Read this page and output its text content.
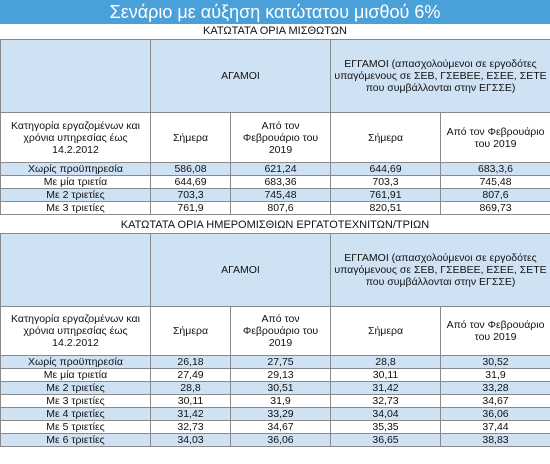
Σενάριο με αύξηση κατώτατου μισθού 6%
ΚΑΤΩΤΑΤΑ ΟΡΙΑ ΜΙΣΘΩΤΩΝ
	ΑΓΑΜΟΙ		ΕΓΓΑΜΟΙ (απασχολούμενοι σε εργοδότες υπαγόμενους σε ΣΕΒ, ΓΣΕΒΕΕ, ΕΣΕΕ, ΣΕΤΕ που συμβάλλονται στην ΕΓΣΣΕ)	
Κατηγορία εργαζομένων και χρόνια υπηρεσίας έως 14.2.2012	Σήμερα	Από τον Φεβρουάριο του 2019	Σήμερα	Από τον Φεβρουάριο του 2019
Χωρίς προϋπηρεσία	586,08	621,24	644,69	683,3,6
Με μία τριετία	644,69	683,36	703,3	745,48
Με 2 τριετίες	703,3	745,48	761,91	807,6
Με 3 τριετίες	761,9	807,6	820,51	869,73
ΚΑΤΩΤΑΤΑ ΟΡΙΑ ΗΜΕΡΟΜΙΣΘΙΩΝ ΕΡΓΑΤΟΤΕΧΝΙΤΩΝ/ΤΡΙΩΝ
	ΑΓΑΜΟΙ		ΕΓΓΑΜΟΙ (απασχολούμενοι σε εργοδότες υπαγόμενους σε ΣΕΒ, ΓΣΕΒΕΕ, ΕΣΕΕ, ΣΕΤΕ που συμβάλλονται στην ΕΓΣΣΕ)	
Κατηγορία εργαζομένων και χρόνια υπηρεσίας έως 14.2.2012	Σήμερα	Από τον Φεβρουάριο του 2019	Σήμερα	Από τον Φεβρουάριο του 2019
Χωρίς προϋπηρεσία	26,18	27,75	28,8	30,52
Με μία τριετία	27,49	29,13	30,11	31,9
Με 2 τριετίες	28,8	30,51	31,42	33,28
Με 3 τριετίες	30,11	31,9	32,73	34,67
Με 4 τριετίες	31,42	33,29	34,04	36,06
Με 5 τριετίες	32,73	34,67	35,35	37,44
Με 6 τριετίες	34,03	36,06	36,65	38,83
